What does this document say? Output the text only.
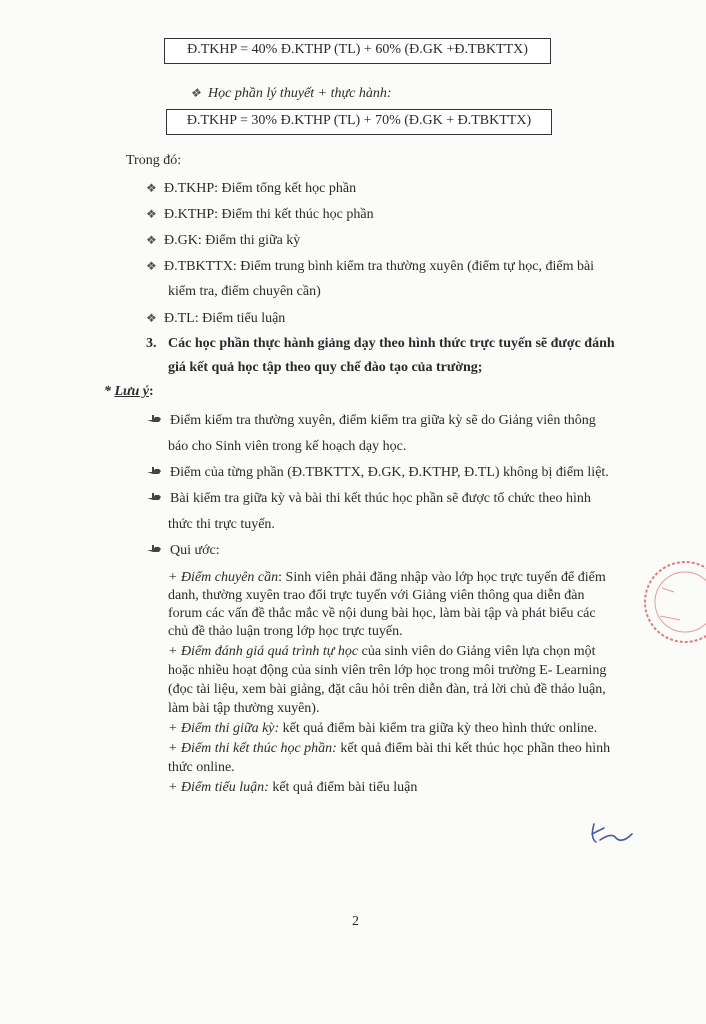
Đ.TKHP = 40% Đ.KTHP (TL) + 60% (Đ.GK +Đ.TBKTTX)
❖ Học phần lý thuyết + thực hành:
Đ.TKHP = 30% Đ.KTHP (TL) + 70% (Đ.GK + Đ.TBKTTX)
Trong đó:
❖ Đ.TKHP: Điểm tổng kết học phần
❖ Đ.KTHP: Điểm thi kết thúc học phần
❖ Đ.GK: Điểm thi giữa kỳ
❖ Đ.TBKTTX: Điểm trung bình kiểm tra thường xuyên (điểm tự học, điểm bài
kiểm tra, điểm chuyên cần)
❖ Đ.TL: Điểm tiểu luận
3. Các học phần thực hành giảng dạy theo hình thức trực tuyến sẽ được đánh
giá kết quả học tập theo quy chế đào tạo của trường;
* Lưu ý:
Điểm kiểm tra thường xuyên, điểm kiểm tra giữa kỳ sẽ do Giảng viên thông
báo cho Sinh viên trong kế hoạch dạy học.
Điểm của từng phần (Đ.TBKTTX, Đ.GK, Đ.KTHP, Đ.TL) không bị điểm liệt.
Bài kiểm tra giữa kỳ và bài thi kết thúc học phần sẽ được tổ chức theo hình
thức thi trực tuyến.
Qui ước:
+ Điểm chuyên cần: Sinh viên phải đăng nhập vào lớp học trực tuyến để điểm
danh, thường xuyên trao đổi trực tuyến với Giảng viên thông qua diễn đàn
forum các vấn đề thắc mắc về nội dung bài học, làm bài tập và phát biểu các
chủ đề thảo luận trong lớp học trực tuyến.
+ Điểm đánh giá quá trình tự học của sinh viên do Giảng viên lựa chọn một
hoặc nhiều hoạt động của sinh viên trên lớp học trong môi trường E- Learning
(đọc tài liệu, xem bài giảng, đặt câu hỏi trên diễn đàn, trả lời chủ đề thảo luận,
làm bài tập thường xuyên).
+ Điểm thi giữa kỳ: kết quả điểm bài kiểm tra giữa kỳ theo hình thức online.
+ Điểm thi kết thúc học phần: kết quả điểm bài thi kết thúc học phần theo hình
thức online.
+ Điểm tiểu luận: kết quả điểm bài tiểu luận
2
